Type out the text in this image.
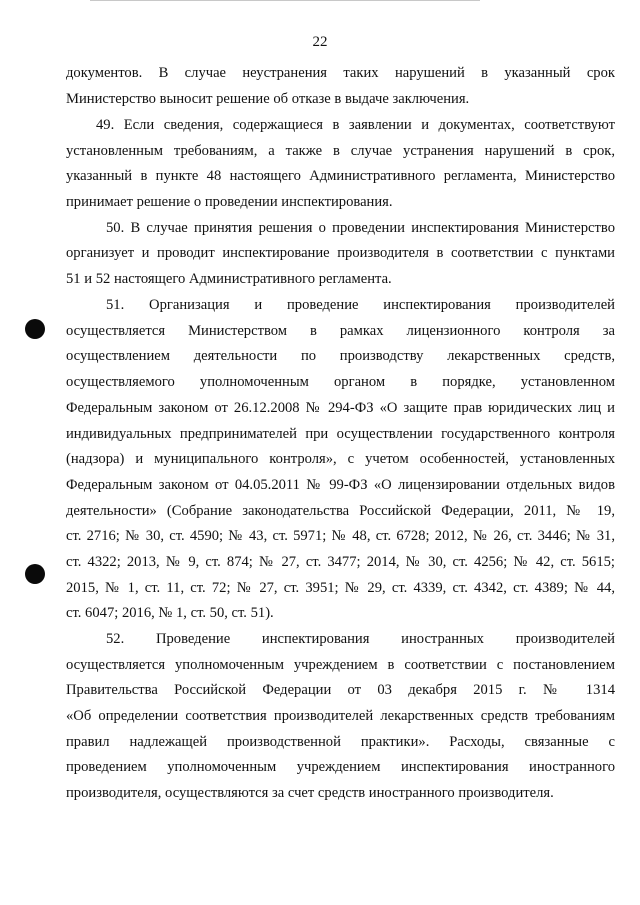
22
документов. В случае неустранения таких нарушений в указанный срок
Министерство выносит решение об отказе в выдаче заключения.
49. Если сведения, содержащиеся в заявлении и документах, соответствуют
установленным требованиям, а также в случае устранения нарушений в срок,
указанный в пункте 48 настоящего Административного регламента, Министерство
принимает решение о проведении инспектирования.
50. В случае принятия решения о проведении инспектирования Министерство
организует и проводит инспектирование производителя в соответствии с пунктами
51 и 52 настоящего Административного регламента.
51. Организация и проведение инспектирования производителей
осуществляется Министерством в рамках лицензионного контроля за
осуществлением деятельности по производству лекарственных средств,
осуществляемого уполномоченным органом в порядке, установленном
Федеральным законом от 26.12.2008 № 294-ФЗ «О защите прав юридических лиц и
индивидуальных предпринимателей при осуществлении государственного контроля
(надзора) и муниципального контроля», с учетом особенностей, установленных
Федеральным законом от 04.05.2011 № 99-ФЗ «О лицензировании отдельных видов
деятельности» (Собрание законодательства Российской Федерации, 2011, № 19,
ст. 2716; № 30, ст. 4590; № 43, ст. 5971; № 48, ст. 6728; 2012, № 26, ст. 3446; № 31,
ст. 4322; 2013, № 9, ст. 874; № 27, ст. 3477; 2014, № 30, ст. 4256; № 42, ст. 5615;
2015, № 1, ст. 11, ст. 72; № 27, ст. 3951; № 29, ст. 4339, ст. 4342, ст. 4389; № 44,
ст. 6047; 2016, № 1, ст. 50, ст. 51).
52. Проведение инспектирования иностранных производителей
осуществляется уполномоченным учреждением в соответствии с постановлением
Правительства Российской Федерации от 03 декабря 2015 г. № 1314
«Об определении соответствия производителей лекарственных средств требованиям
правил надлежащей производственной практики». Расходы, связанные с
проведением уполномоченным учреждением инспектирования иностранного
производителя, осуществляются за счет средств иностранного производителя.
